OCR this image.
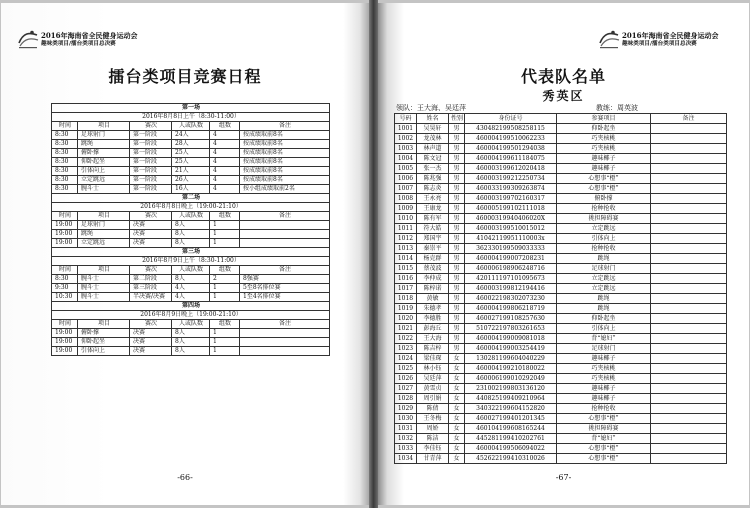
2016年海南省全民健身运动会
趣味类项目/擂台类项目总决赛
擂台类项目竞赛日程
第一场					
2016年8月8日上午（8:30-11:00）					
时间	项目	赛次	人或队数	组数	备注
8:30	足球射门	第一阶段	24人	4	按成绩取前8名
8:30	跳绳	第一阶段	28人	4	按成绩取前8名
8:30	俯卧撑	第一阶段	25人	4	按成绩取前8名
8:30	仰卧起坐	第一阶段	25人	4	按成绩取前8名
8:30	引体向上	第一阶段	21人	4	按成绩取前8名
8:30	立定跳远	第一阶段	26人	4	按成绩取前8名
8:30	腕斗士	第一阶段	16人	4	按小组成绩取前2名
第二场					
2016年8月8日晚上（19:00-21:10）					
时间	项目	赛次	人或队数	组数	备注
19:00	足球射门	决赛	8人	1	
19:00	跳绳	决赛	8人	1	
19:00	立定跳远	决赛	8人	1	
第三场					
2016年8月9日上午（8:30-11:00）					
时间	项目	赛次	人或队数	组数	备注
8:30	腕斗士	第二阶段	8人	2	8强赛
9:30	腕斗士	第三阶段	4人	1	5至8名排位赛
10:30	腕斗士	半决赛/决赛	4人	1	1至4名排位赛
第四场					
2016年8月9日晚上（19:00-21:10）					
时间	项目	赛次	人或队数	组数	备注
19:00	俯卧撑	决赛	8人	1	
19:00	仰卧起坐	决赛	8人	1	
19:00	引体向上	决赛	8人	1	
-66-
2016年海南省全民健身运动会
趣味类项目/擂台类项目总决赛
代表队名单
秀英区
领队：王大海、吴廷萍	教练：周英波
号码	姓名	性别	身份证号	参赛项目	备注
1001	吴昊轩	男	430482199508258115	仰卧起坐	
1002	龙茂林	男	460004199510062233	巧夹核桃	
1003	林声道	男	460004199501294038	巧夹核桃	
1004	陈文冠	男	460004199611184075	趣味椰子	
1005	张一杰	男	460003199612020418	趣味椰子	
1006	陈兆强	男	460003199212250734	心想事“橙”	
1007	陈志炎	男	460033199309263874	心想事“橙”	
1008	王永亮	男	460003199702160317	俯卧撑	
1009	王康龙	男	460005199102111018	抢种抢收	
1010	陈有军	男	46000319940406020X	挑担障碍赛	
1011	符大皓	男	460003199510015012	立定跳远	
1012	郑国宇	男	41042119951110003x	引体向上	
1013	秦崇平	男	362330199509033333	抢种抢收	
1014	杨克群	男	460004199007208231	跳绳	
1015	蔡茂波	男	460006198906248716	足球射门	
1016	李仲成	男	420111197101095673	立定跳远	
1017	陈梓诺	男	460003199812194416	立定跳远	
1018	黄敏	男	460022198302073230	跳绳	
1019	朱德孝	男	460004199806218719	跳绳	
1020	李德胜	男	460027199108257630	仰卧起坐	
1021	彭海丘	男	510722197803261653	引体向上	
1022	王大海	男	460004199009081018	背“媳妇”	
1023	陈吉梓	男	460004199003254419	足球射门	
1024	梁佳琛	女	130281199604040229	趣味椰子	
1025	林小钰	女	460004199210180022	巧夹核桃	
1026	吴廷萍	女	460006199010292049	巧夹核桃	
1027	黄雪贞	女	231002199803136120	趣味椰子	
1028	周引娟	女	440825199409210964	趣味椰子	
1029	陈倩	女	340322199604152820	抢种抢收	
1030	王冬梅	女	460027199401201345	心想事“橙”	
1031	周娇	女	460104199608165244	挑担障碍赛	
1032	陈洁	女	445281199410202761	背“媳妇”	
1033	李佳钰	女	460004199506094022	心想事“橙”	
1034	甘青萍	女	452622199410310026	心想事“橙”	
-67-
